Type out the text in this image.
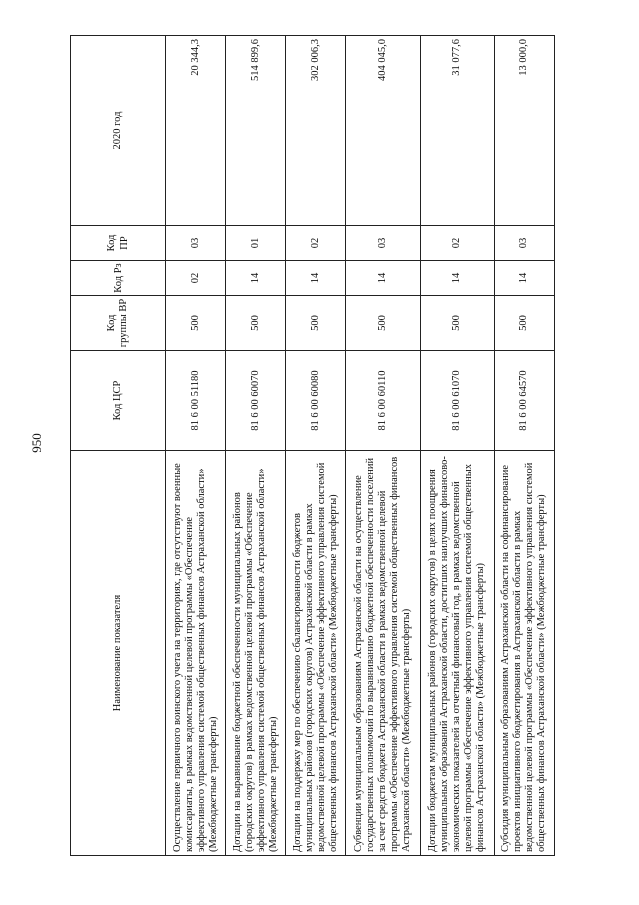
950
Наименование показателя	Код ЦСР	Код группы ВР	Код Рз	Код ПР	2020 год
Осуществление первичного воинского учета на территориях, где отсутствуют военные комиссариаты, в рамках ведомственной целевой программы «Обеспечение эффективного управления системой общественных финансов Астраханской области» (Межбюджетные трансферты)	81 6 00 51180	500	02	03	20 344,3
Дотации на выравнивание бюджетной обеспеченности муниципальных районов (городских округов) в рамках ведомственной целевой программы «Обеспечение эффективного управления системой общественных финансов Астраханской области» (Межбюджетные трансферты)	81 6 00 60070	500	14	01	514 899,6
Дотации на поддержку мер по обеспечению сбалансированности бюджетов муниципальных районов (городских округов) Астраханской области в рамках ведомственной целевой программы «Обеспечение эффективного управления системой общественных финансов Астраханской области» (Межбюджетные трансферты)	81 6 00 60080	500	14	02	302 006,3
Субвенции муниципальным образованиям Астраханской области на осуществление государственных полномочий по выравниванию бюджетной обеспеченности поселений за счет средств бюджета Астраханской области в рамках ведомственной целевой программы «Обеспечение эффективного управления системой общественных финансов Астраханской области» (Межбюджетные трансферты)	81 6 00 60110	500	14	03	404 045,0
Дотации бюджетам муниципальных районов (городских округов) в целях поощрения муниципальных образований Астраханской области, достигших наилучших финансово-экономических показателей за отчетный финансовый год, в рамках ведомственной целевой программы «Обеспечение эффективного управления системой общественных финансов Астраханской области» (Межбюджетные трансферты)	81 6 00 61070	500	14	02	31 077,6
Субсидия муниципальным образованиям Астраханской области на софинансирование проектов инициативного бюджетирования в Астраханской области в рамках ведомственной целевой программы «Обеспечение эффективного управления системой общественных финансов Астраханской области» (Межбюджетные трансферты)	81 6 00 64570	500	14	03	13 000,0
